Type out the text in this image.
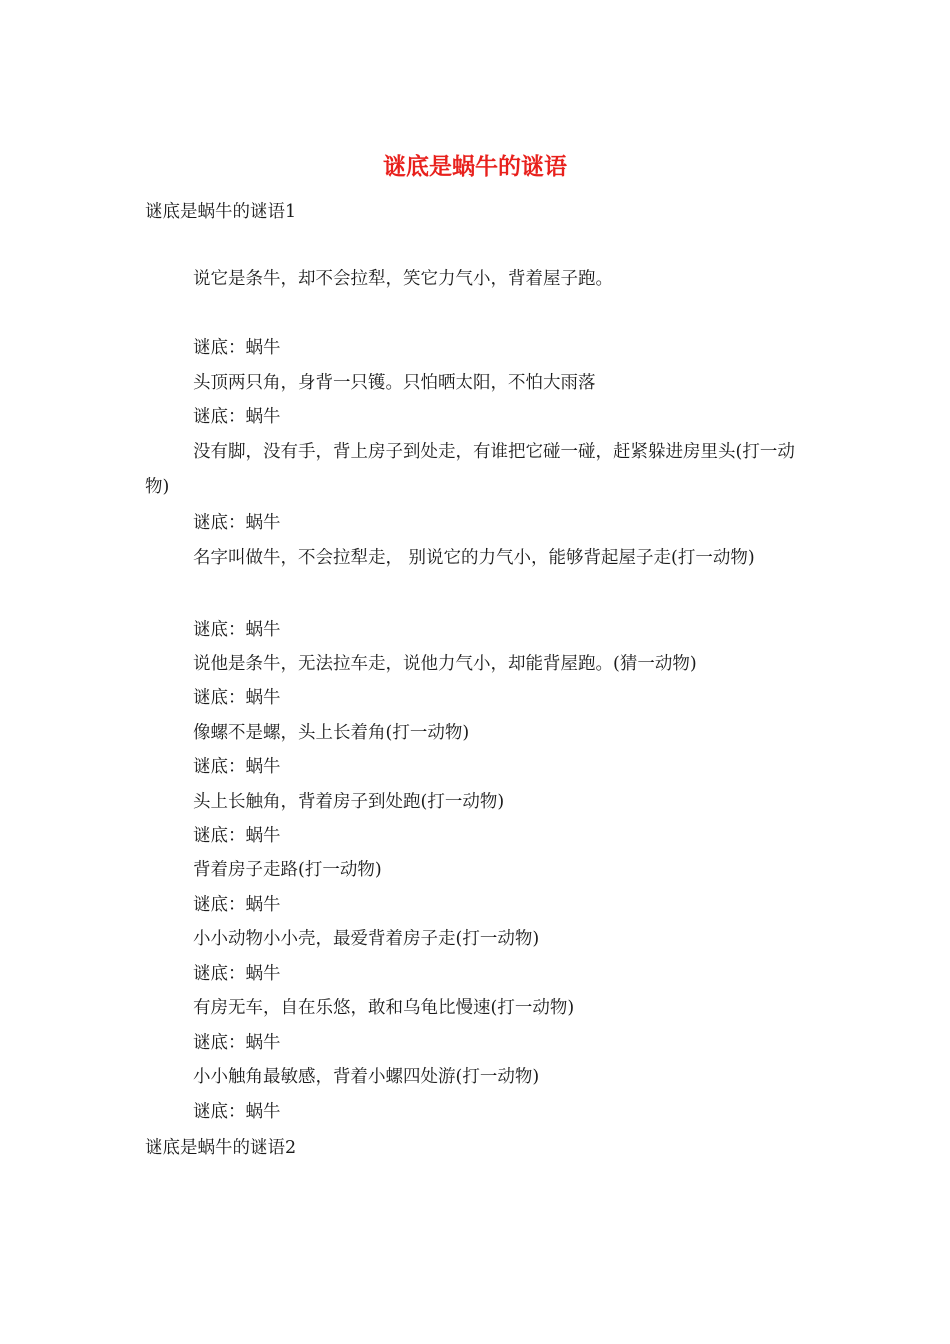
谜底是蜗牛的谜语

谜底是蜗牛的谜语1

说它是条牛，却不会拉犁，笑它力气小，背着屋子跑。

谜底：蜗牛

头顶两只角，身背一只镬。只怕晒太阳，不怕大雨落

谜底：蜗牛

没有脚，没有手，背上房子到处走，有谁把它碰一碰，赶紧躲进房里头(打一动物)

谜底：蜗牛

名字叫做牛，不会拉犁走， 别说它的力气小，能够背起屋子走(打一动物)

谜底：蜗牛

说他是条牛，无法拉车走，说他力气小，却能背屋跑。(猜一动物)

谜底：蜗牛

像螺不是螺，头上长着角(打一动物)

谜底：蜗牛

头上长触角，背着房子到处跑(打一动物)

谜底：蜗牛

背着房子走路(打一动物)

谜底：蜗牛

小小动物小小壳，最爱背着房子走(打一动物)

谜底：蜗牛

有房无车，自在乐悠，敢和乌龟比慢速(打一动物)

谜底：蜗牛

小小触角最敏感，背着小螺四处游(打一动物)

谜底：蜗牛

谜底是蜗牛的谜语2
